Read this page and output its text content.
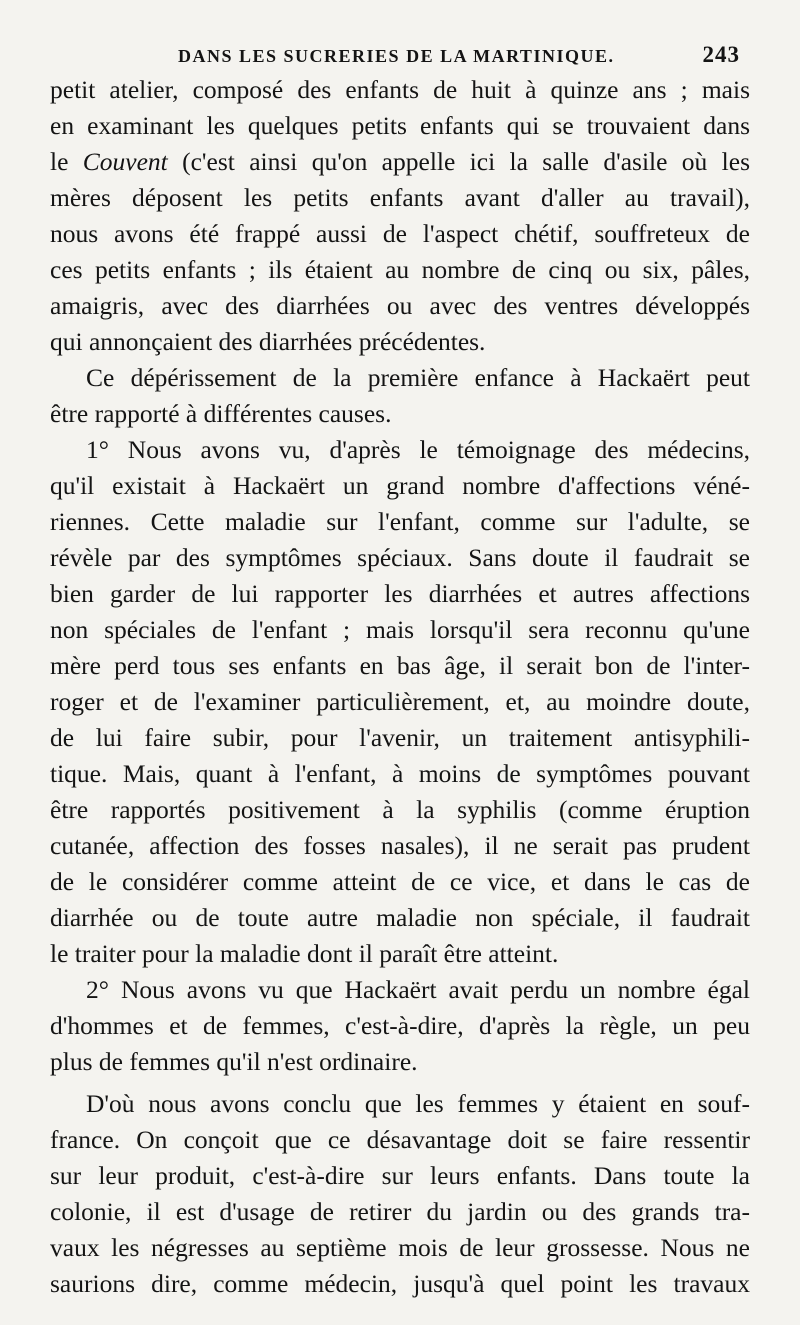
DANS LES SUCRERIES DE LA MARTINIQUE.	243
petit atelier, composé des enfants de huit à quinze ans ; mais
en examinant les quelques petits enfants qui se trouvaient dans
le Couvent (c'est ainsi qu'on appelle ici la salle d'asile où les
mères déposent les petits enfants avant d'aller au travail),
nous avons été frappé aussi de l'aspect chétif, souffreteux de
ces petits enfants ; ils étaient au nombre de cinq ou six, pâles,
amaigris, avec des diarrhées ou avec des ventres développés
qui annonçaient des diarrhées précédentes.
Ce dépérissement de la première enfance à Hackaërt peut
être rapporté à différentes causes.
1° Nous avons vu, d'après le témoignage des médecins,
qu'il existait à Hackaërt un grand nombre d'affections véné-
riennes. Cette maladie sur l'enfant, comme sur l'adulte, se
révèle par des symptômes spéciaux. Sans doute il faudrait se
bien garder de lui rapporter les diarrhées et autres affections
non spéciales de l'enfant ; mais lorsqu'il sera reconnu qu'une
mère perd tous ses enfants en bas âge, il serait bon de l'inter-
roger et de l'examiner particulièrement, et, au moindre doute,
de lui faire subir, pour l'avenir, un traitement antisyphili-
tique. Mais, quant à l'enfant, à moins de symptômes pouvant
être rapportés positivement à la syphilis (comme éruption
cutanée, affection des fosses nasales), il ne serait pas prudent
de le considérer comme atteint de ce vice, et dans le cas de
diarrhée ou de toute autre maladie non spéciale, il faudrait
le traiter pour la maladie dont il paraît être atteint.
2° Nous avons vu que Hackaërt avait perdu un nombre égal
d'hommes et de femmes, c'est-à-dire, d'après la règle, un peu
plus de femmes qu'il n'est ordinaire.
D'où nous avons conclu que les femmes y étaient en souf-
france. On conçoit que ce désavantage doit se faire ressentir
sur leur produit, c'est-à-dire sur leurs enfants. Dans toute la
colonie, il est d'usage de retirer du jardin ou des grands tra-
vaux les négresses au septième mois de leur grossesse. Nous ne
saurions dire, comme médecin, jusqu'à quel point les travaux
